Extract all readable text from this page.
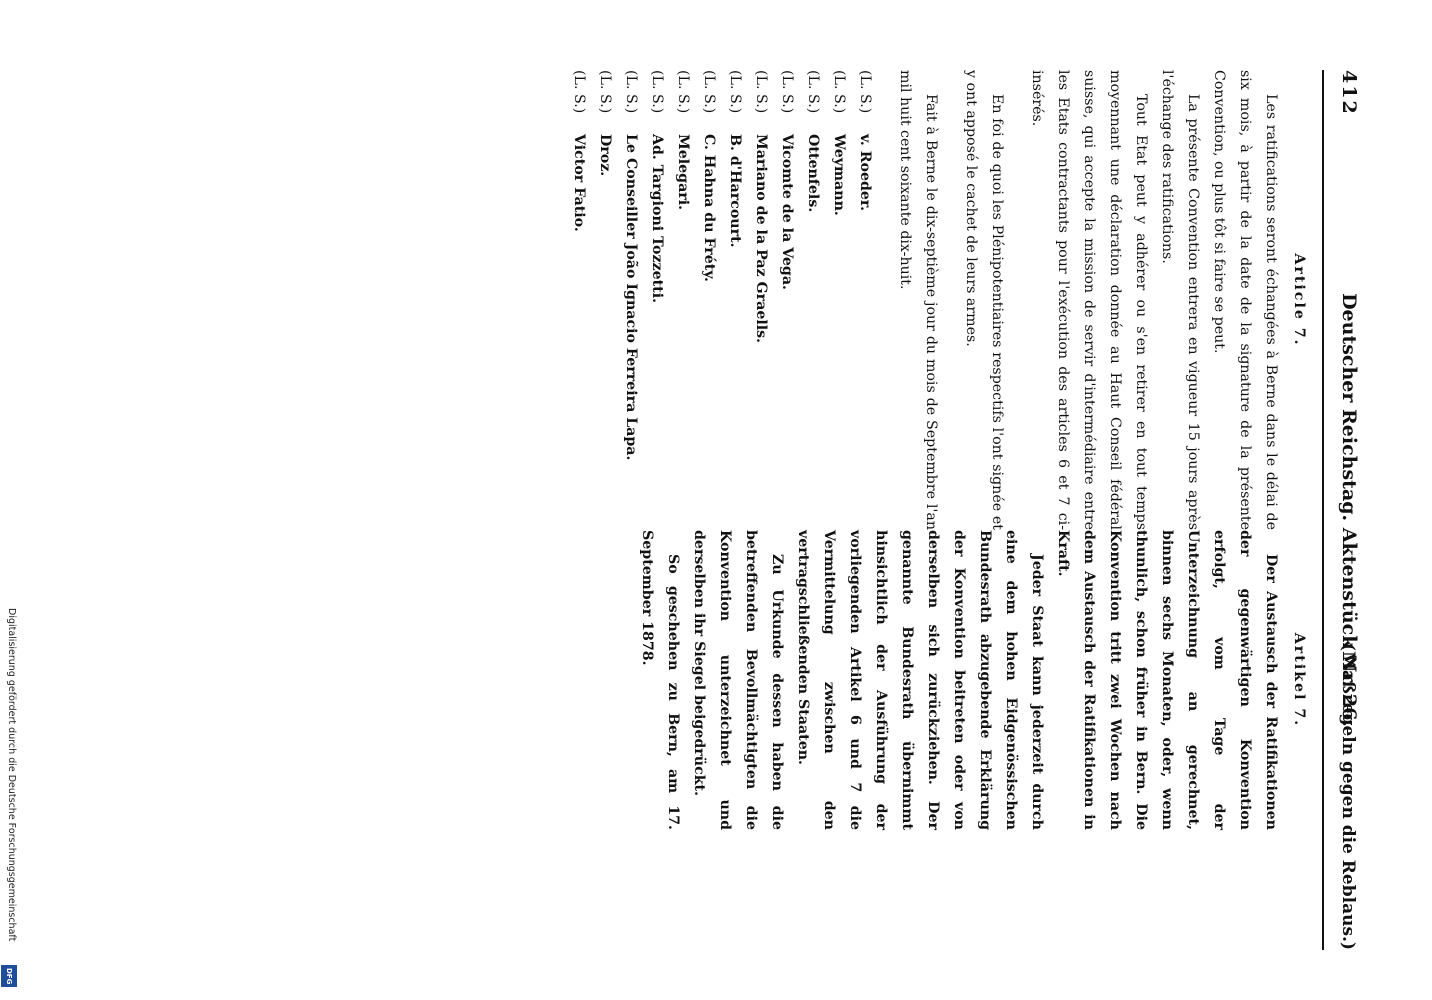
412
Deutscher Reichstag. Aktenstück Nr. 26.
(Maßregeln gegen die Reblaus.)

Article 7.

Les ratifications seront échangées à Berne dans le délai de six mois, à partir de la date de la signature de la présente Convention, ou plus tôt si faire se peut.

La présente Convention entrera en vigueur 15 jours après l'échange des ratifications.

Tout Etat peut y adhérer ou s'en retirer en tout temps moyennant une déclaration donnée au Haut Conseil fédéral suisse, qui accepte la mission de servir d'intermédiaire entre les Etats contractants pour l'exécution des articles 6 et 7 ci-insérés.

En foi de quoi les Plénipotentiaires respectifs l'ont signée et y ont apposé le cachet de leurs armes.

Fait à Berne le dix-septième jour du mois de Septembre l'an mil huit cent soixante dix-huit.

(L. S.)v. Roeder.

(L. S.)Weymann.

(L. S.)Ottenfels.

(L. S.)Vicomte de la Vega.

(L. S.)Mariano de la Paz Graells.

(L. S.)B. d'Harcourt.

(L. S.)C. Hahna du Fréty.

(L. S.)Melegari.

(L. S.)Ad. Targioni Tozzetti.

(L. S.)Le Conseiller João Ignacio Ferreira Lapa.

(L. S.)Droz.

(L. S.)Victor Fatio.

Artikel 7.

Der Austausch der Ratifikationen der gegenwärtigen Konvention erfolgt, vom Tage der Unterzeichnung an gerechnet, binnen sechs Monaten, oder, wenn thunlich, schon früher in Bern. Die Konvention tritt zwei Wochen nach dem Austausch der Ratifikationen in Kraft.

Jeder Staat kann jederzeit durch eine dem hohen Eidgenössischen Bundesrath abzugebende Erklärung der Konvention beitreten oder von derselben sich zurückziehen. Der genannte Bundesrath übernimmt hinsichtlich der Ausführung der vorliegenden Artikel 6 und 7 die Vermittelung zwischen den vertragschließenden Staaten.

Zu Urkunde dessen haben die betreffenden Bevollmächtigten die Konvention unterzeichnet und derselben ihr Siegel beigedrückt.

So geschehen zu Bern, am 17. September 1878.

Digitalisierung gefördert durch die Deutsche Forschungsgemeinschaft
DFG
